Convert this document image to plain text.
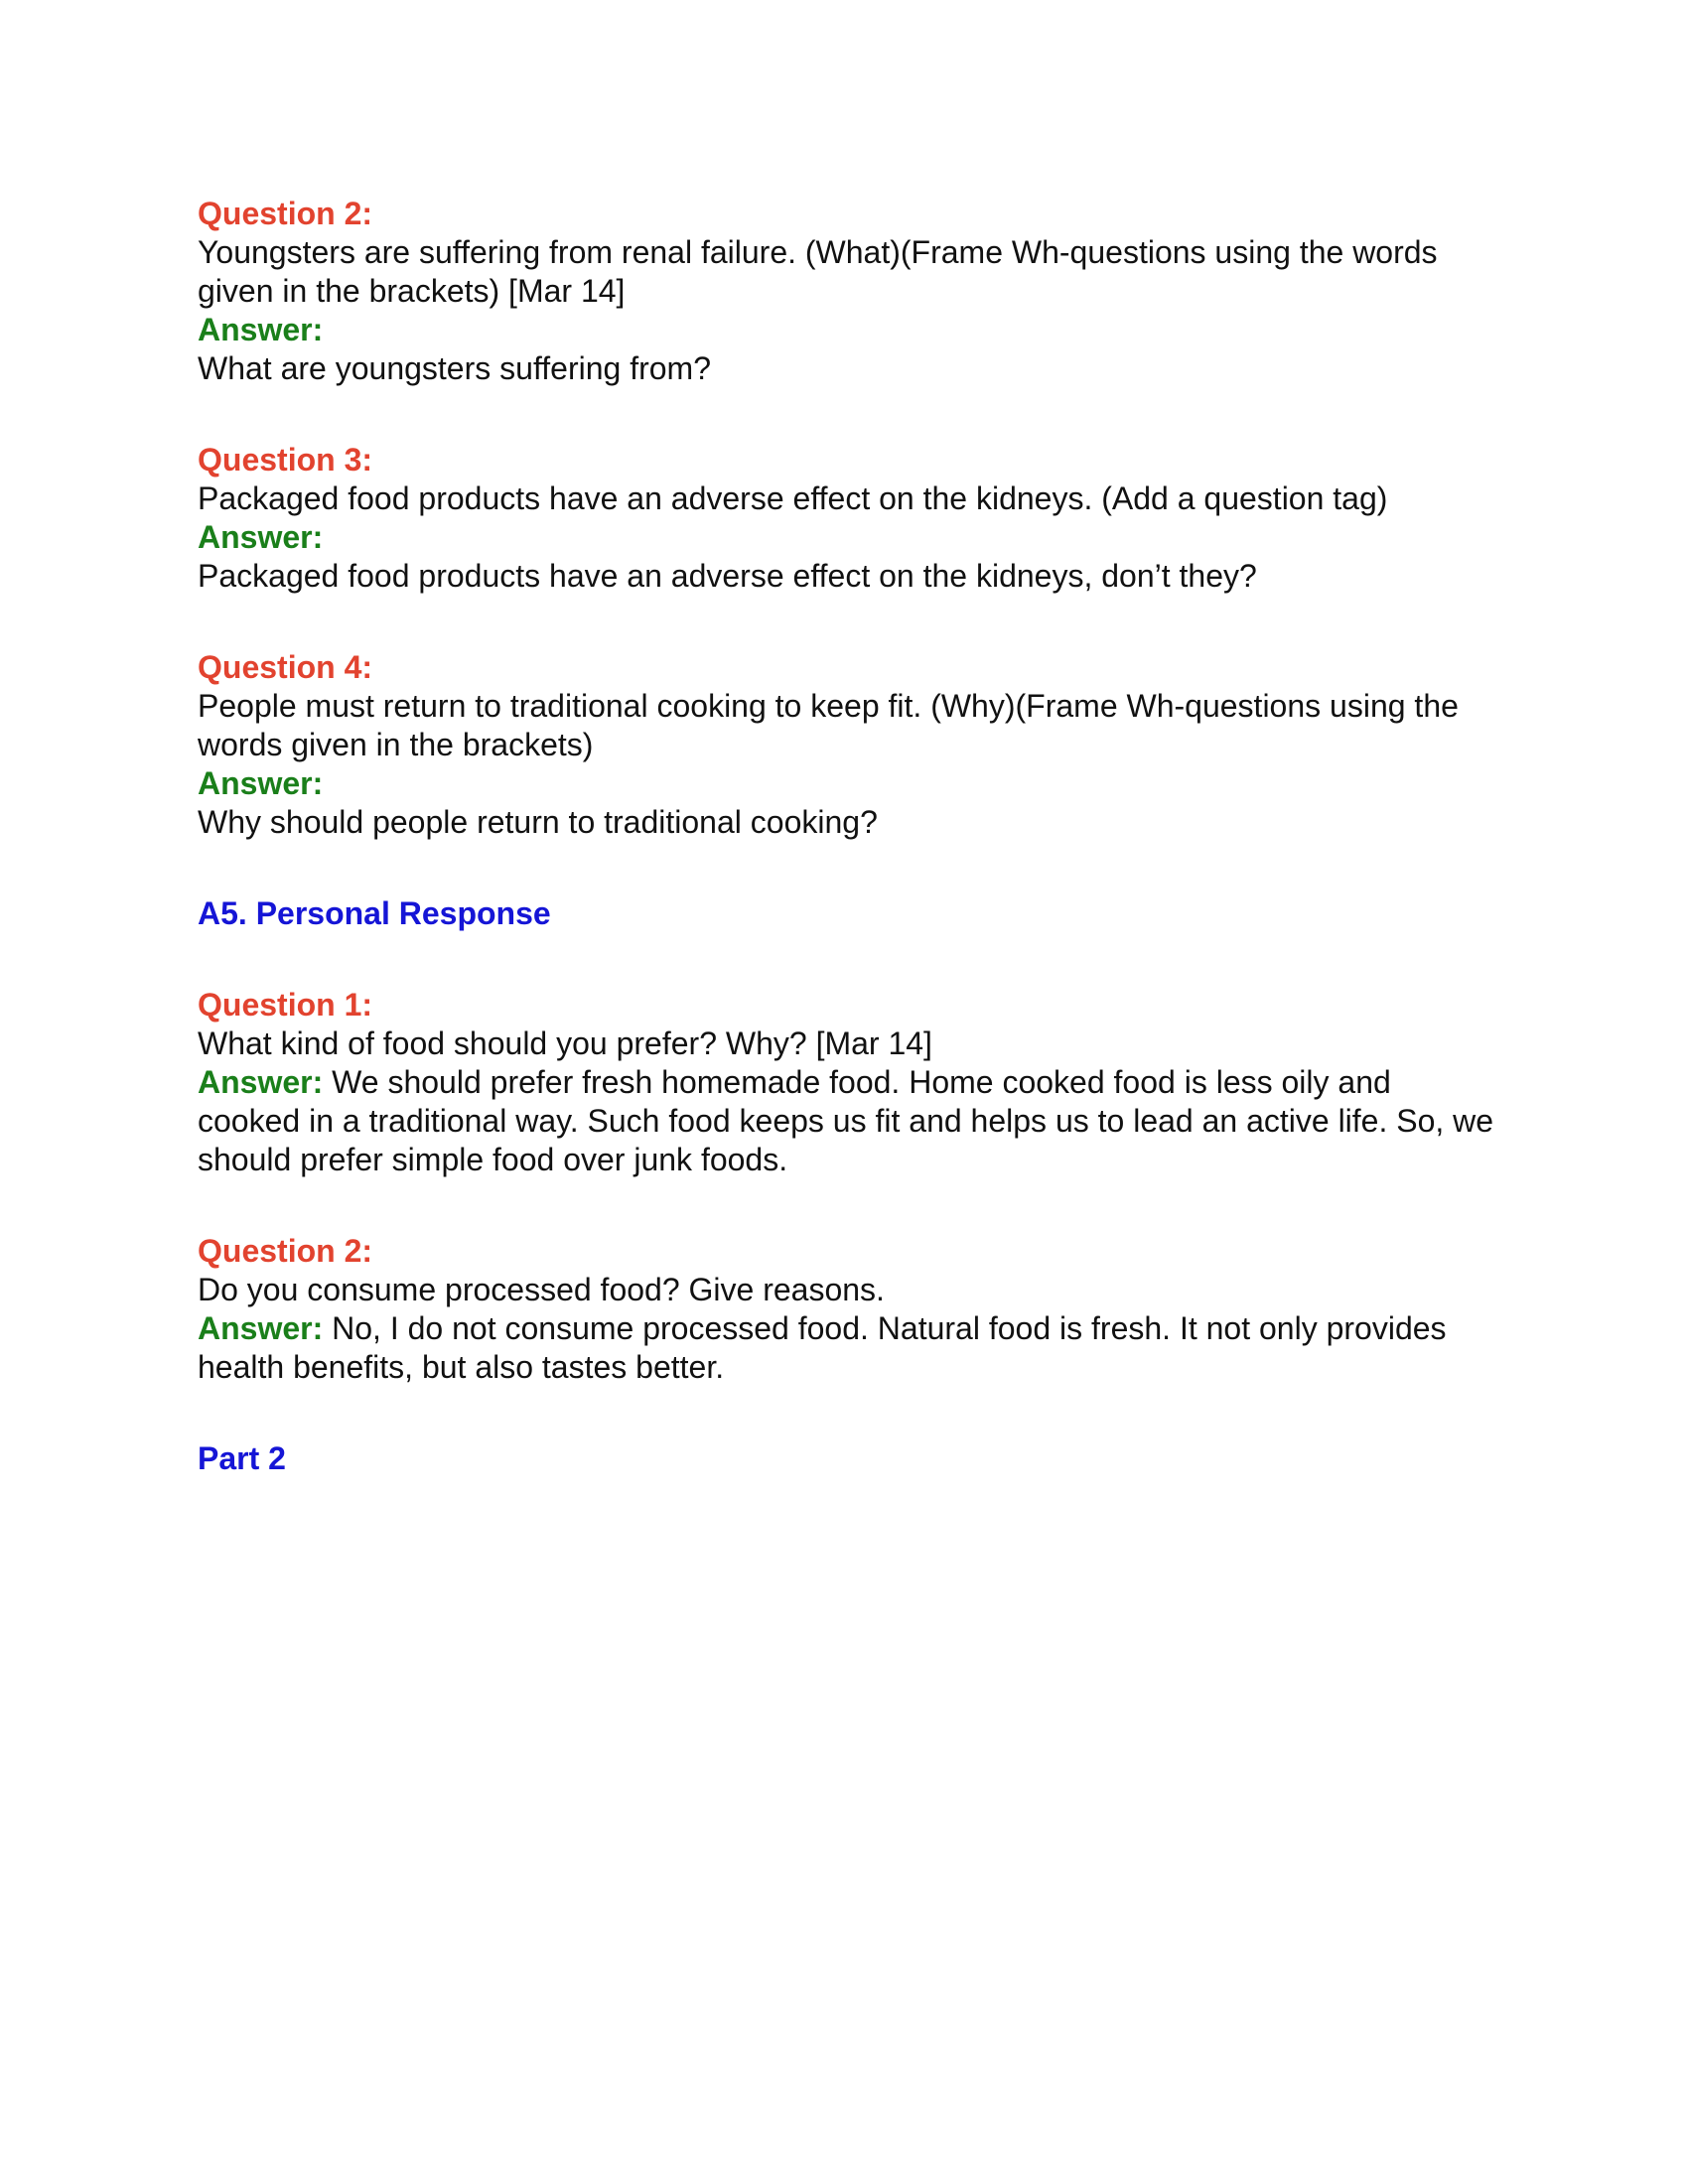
Question 2:
Youngsters are suffering from renal failure. (What)(Frame Wh-questions using the words given in the brackets) [Mar 14]
Answer:
What are youngsters suffering from?
Question 3:
Packaged food products have an adverse effect on the kidneys. (Add a question tag)
Answer:
Packaged food products have an adverse effect on the kidneys, don’t they?
Question 4:
People must return to traditional cooking to keep fit. (Why)(Frame Wh-questions using the words given in the brackets)
Answer:
Why should people return to traditional cooking?
A5. Personal Response
Question 1:
What kind of food should you prefer? Why? [Mar 14]
Answer: We should prefer fresh homemade food. Home cooked food is less oily and cooked in a traditional way. Such food keeps us fit and helps us to lead an active life. So, we should prefer simple food over junk foods.
Question 2:
Do you consume processed food? Give reasons.
Answer: No, I do not consume processed food. Natural food is fresh. It not only provides health benefits, but also tastes better.
Part 2
